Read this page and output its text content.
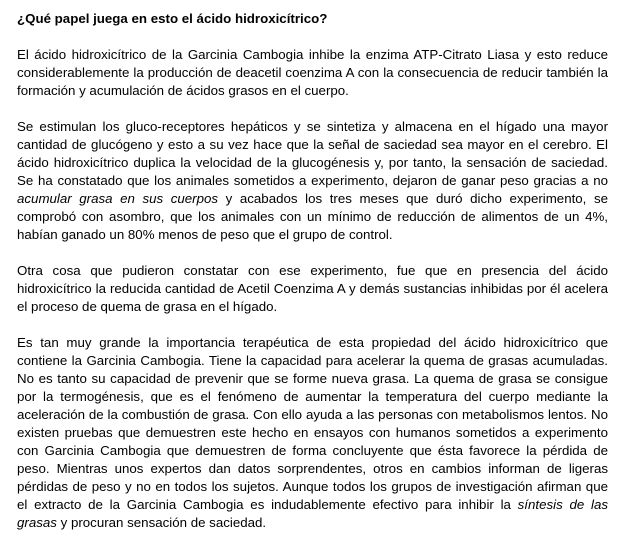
¿Qué papel juega en esto el ácido hidroxicítrico?

El ácido hidroxicítrico de la Garcinia Cambogia inhibe la enzima ATP-Citrato Liasa y esto reduce considerablemente la producción de deacetil coenzima A con la consecuencia de reducir también la formación y acumulación de ácidos grasos en el cuerpo.

Se estimulan los gluco-receptores hepáticos y se sintetiza y almacena en el hígado una mayor cantidad de glucógeno y esto a su vez hace que la señal de saciedad sea mayor en el cerebro. El ácido hidroxicítrico duplica la velocidad de la glucogénesis y, por tanto, la sensación de saciedad. Se ha constatado que los animales sometidos a experimento, dejaron de ganar peso gracias a no acumular grasa en sus cuerpos y acabados los tres meses que duró dicho experimento, se comprobó con asombro, que los animales con un mínimo de reducción de alimentos de un 4%, habían ganado un 80% menos de peso que el grupo de control.

Otra cosa que pudieron constatar con ese experimento, fue que en presencia del ácido hidroxicítrico la reducida cantidad de Acetil Coenzima A y demás sustancias inhibidas por él acelera el proceso de quema de grasa en el hígado.

Es tan muy grande la importancia terapéutica de esta propiedad del ácido hidroxicítrico que contiene la Garcinia Cambogia. Tiene la capacidad para acelerar la quema de grasas acumuladas. No es tanto su capacidad de prevenir que se forme nueva grasa. La quema de grasa se consigue por la termogénesis, que es el fenómeno de aumentar la temperatura del cuerpo mediante la aceleración de la combustión de grasa. Con ello ayuda a las personas con metabolismos lentos. No existen pruebas que demuestren este hecho en ensayos con humanos sometidos a experimento con Garcinia Cambogia que demuestren de forma concluyente que ésta favorece la pérdida de peso. Mientras unos expertos dan datos sorprendentes, otros en cambios informan de ligeras pérdidas de peso y no en todos los sujetos. Aunque todos los grupos de investigación afirman que el extracto de la Garcinia Cambogia es indudablemente efectivo para inhibir la síntesis de las grasas y procuran sensación de saciedad.
